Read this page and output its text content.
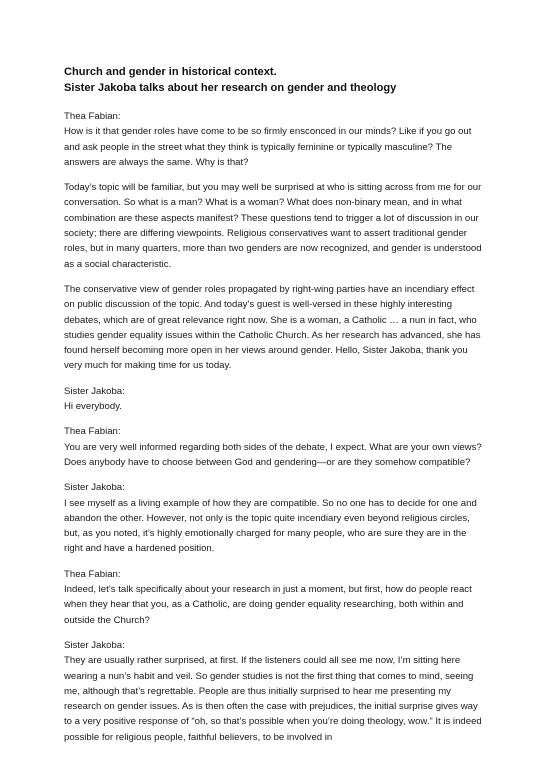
Church and gender in historical context.
Sister Jakoba talks about her research on gender and theology
Thea Fabian:
How is it that gender roles have come to be so firmly ensconced in our minds? Like if you go out and ask people in the street what they think is typically feminine or typically masculine? The answers are always the same. Why is that?
Today’s topic will be familiar, but you may well be surprised at who is sitting across from me for our conversation. So what is a man? What is a woman? What does non-binary mean, and in what combination are these aspects manifest? These questions tend to trigger a lot of discussion in our society; there are differing viewpoints. Religious conservatives want to assert traditional gender roles, but in many quarters, more than two genders are now recognized, and gender is understood as a social characteristic.
The conservative view of gender roles propagated by right-wing parties have an incendiary effect on public discussion of the topic. And today’s guest is well-versed in these highly interesting debates, which are of great relevance right now. She is a woman, a Catholic … a nun in fact, who studies gender equality issues within the Catholic Church. As her research has advanced, she has found herself becoming more open in her views around gender. Hello, Sister Jakoba, thank you very much for making time for us today.
Sister Jakoba:
Hi everybody.
Thea Fabian:
You are very well informed regarding both sides of the debate, I expect. What are your own views? Does anybody have to choose between God and gendering—or are they somehow compatible?
Sister Jakoba:
I see myself as a living example of how they are compatible. So no one has to decide for one and abandon the other. However, not only is the topic quite incendiary even beyond religious circles, but, as you noted, it’s highly emotionally charged for many people, who are sure they are in the right and have a hardened position.
Thea Fabian:
Indeed, let’s talk specifically about your research in just a moment, but first, how do people react when they hear that you, as a Catholic, are doing gender equality researching, both within and outside the Church?
Sister Jakoba:
They are usually rather surprised, at first. If the listeners could all see me now, I’m sitting here wearing a nun’s habit and veil. So gender studies is not the first thing that comes to mind, seeing me, although that’s regrettable. People are thus initially surprised to hear me presenting my research on gender issues. As is then often the case with prejudices, the initial surprise gives way to a very positive response of “oh, so that’s possible when you’re doing theology, wow.” It is indeed possible for religious people, faithful believers, to be involved in
